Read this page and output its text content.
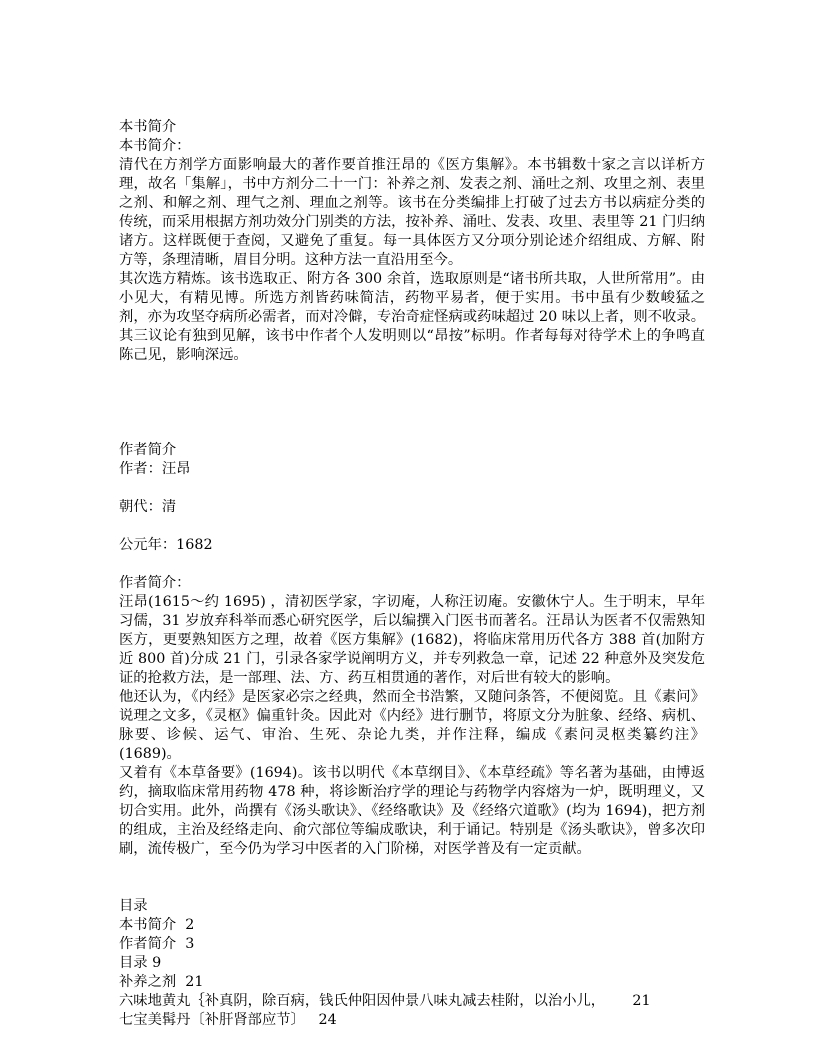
本书简介
本书简介：
清代在方剂学方面影响最大的著作要首推汪昂的《医方集解》。本书辑数十家之言以详析方理，故名「集解」，书中方剂分二十一门：补养之剂、发表之剂、涌吐之剂、攻里之剂、表里之剂、和解之剂、理气之剂、理血之剂等。该书在分类编排上打破了过去方书以病症分类的传统，而采用根据方剂功效分门别类的方法，按补养、涌吐、发表、攻里、表里等 21 门归纳诸方。这样既便于查阅，又避免了重复。每一具体医方又分项分别论述介绍组成、方解、附方等，条理清晰，眉目分明。这种方法一直沿用至今。
其次选方精炼。该书选取正、附方各 300 余首，选取原则是“诸书所共取，人世所常用”。由小见大，有精见博。所选方剂皆药味简洁，药物平易者，便于实用。书中虽有少数峻猛之剂，亦为攻坚夺病所必需者，而对冷僻，专治奇症怪病或药味超过 20 味以上者，则不收录。其三议论有独到见解，该书中作者个人发明则以“昂按”标明。作者每每对待学术上的争鸣直陈己见，影响深远。
作者简介
作者：汪昂
朝代：清
公元年：1682
作者简介：
汪昂(1615～约 1695) ，清初医学家，字讱庵，人称汪讱庵。安徽休宁人。生于明末，早年习儒，31 岁放弃科举而悉心研究医学，后以编撰入门医书而著名。汪昂认为医者不仅需熟知医方，更要熟知医方之理，故着《医方集解》(1682)，将临床常用历代各方 388 首(加附方近 800 首)分成 21 门，引录各家学说阐明方义，并专列救急一章，记述 22 种意外及突发危证的抢救方法，是一部理、法、方、药互相贯通的著作，对后世有较大的影响。
他还认为，《内经》是医家必宗之经典，然而全书浩繁，又随问条答，不便阅览。且《素问》说理之文多，《灵枢》偏重针灸。因此对《内经》进行删节，将原文分为脏象、经络、病机、脉要、诊候、运气、审治、生死、杂论九类，并作注释，编成《素问灵枢类纂约注》(1689)。
又着有《本草备要》(1694)。该书以明代《本草纲目》、《本草经疏》等名著为基础，由博返约，摘取临床常用药物 478 种，将诊断治疗学的理论与药物学内容熔为一炉，既明理义，又切合实用。此外，尚撰有《汤头歌诀》、《经络歌诀》及《经络穴道歌》(均为 1694)，把方剂的组成，主治及经络走向、俞穴部位等编成歌诀，利于诵记。特别是《汤头歌诀》，曾多次印刷，流传极广，至今仍为学习中医者的入门阶梯，对医学普及有一定贡献。
目录
本书简介  2
作者简介  3
目录 9
补养之剂  21
六味地黄丸｛补真阴，除百病，钱氏仲阳因仲景八味丸减去桂附，以治小儿，      21
七宝美髯丹〔补肝肾部应节〕   24
